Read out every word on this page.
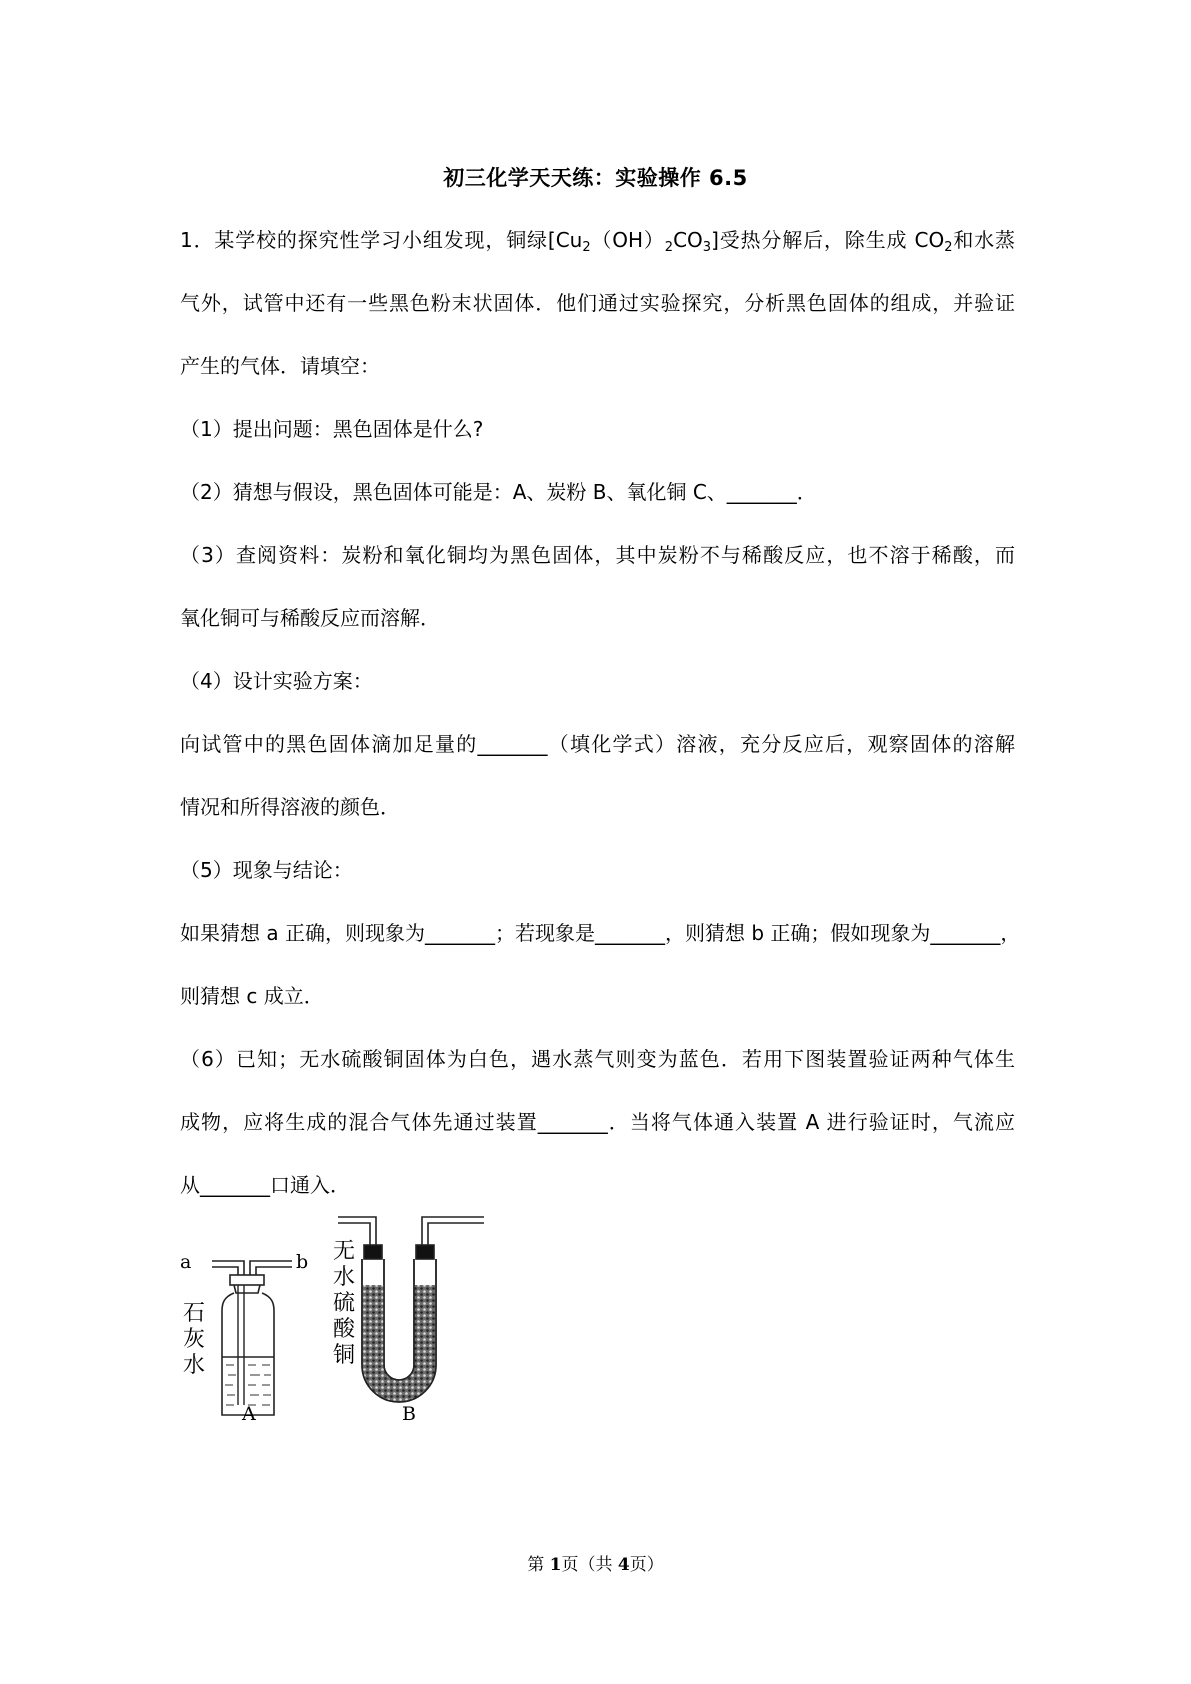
初三化学天天练：实验操作 6.5
1．某学校的探究性学习小组发现，铜绿$[Cu_2(OH)_2CO_3]$受热分解后，除生成 $CO_2$和水蒸
气外，试管中还有一些黑色粉末状固体．他们通过实验探究，分析黑色固体的组成，并验证
产生的气体．请填空：
（1）提出问题：黑色固体是什么?
（2）猜想与假设，黑色固体可能是：A、炭粉 B、氧化铜 C、_______．
（3）查阅资料：炭粉和氧化铜均为黑色固体，其中炭粉不与稀酸反应，也不溶于稀酸，而
氧化铜可与稀酸反应而溶解．
（4）设计实验方案：
向试管中的黑色固体滴加足量的_______（填化学式）溶液，充分反应后，观察固体的溶解
情况和所得溶液的颜色．
（5）现象与结论：
如果猜想 a 正确，则现象为_______；若现象是_______，则猜想 b 正确；假如现象为_______，
则猜想 c 成立．
（6）已知；无水硫酸铜固体为白色，遇水蒸气则变为蓝色．若用下图装置验证两种气体生
成物，应将生成的混合气体先通过装置_______．当将气体通入装置 A 进行验证时，气流应
从_______口通入．
a	b
石
灰
水
无
水
硫
酸
铜
A	B
第 1页（共 4页）
